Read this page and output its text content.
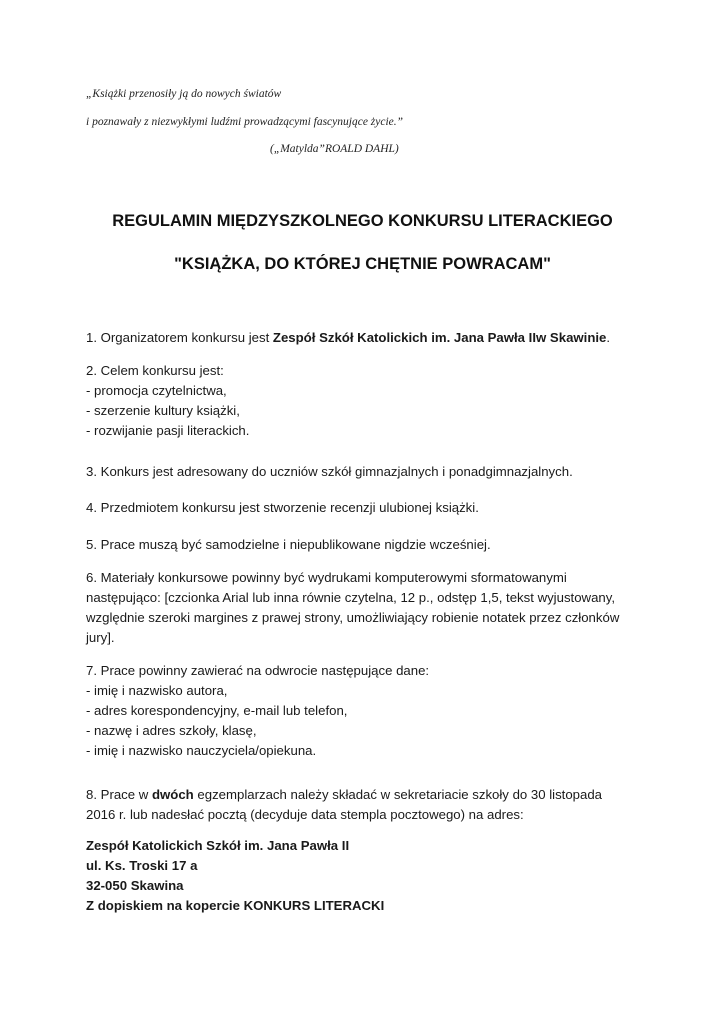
„Książki przenosiły ją do nowych światów
i poznawały z niezwykłymi ludźmi prowadzącymi fascynujące życie.”
(„Matylda”ROALD DAHL)
REGULAMIN MIĘDZYSZKOLNEGO KONKURSU LITERACKIEGO
"KSIĄŻKA, DO KTÓREJ CHĘTNIE POWRACAM"
1. Organizatorem konkursu jest Zespół Szkół Katolickich im. Jana Pawła IIw Skawinie.
2. Celem konkursu jest:
- promocja czytelnictwa,
- szerzenie kultury książki,
- rozwijanie pasji literackich.
3. Konkurs jest adresowany do uczniów szkół gimnazjalnych i ponadgimnazjalnych.
4. Przedmiotem konkursu jest stworzenie recenzji ulubionej książki.
5. Prace muszą być samodzielne i niepublikowane nigdzie wcześniej.
6. Materiały konkursowe powinny być wydrukami komputerowymi sformatowanymi
następująco: [czcionka Arial lub inna równie czytelna, 12 p., odstęp 1,5, tekst wyjustowany,
względnie szeroki margines z prawej strony, umożliwiający robienie notatek przez członków
jury].
7. Prace powinny zawierać na odwrocie następujące dane:
- imię i nazwisko autora,
- adres korespondencyjny, e-mail lub telefon,
- nazwę i adres szkoły, klasę,
- imię i nazwisko nauczyciela/opiekuna.
8. Prace w dwóch egzemplarzach należy składać w sekretariacie szkoły do 30 listopada
2016 r. lub nadesłać pocztą (decyduje data stempla pocztowego) na adres:
Zespół Katolickich Szkół im. Jana Pawła II
ul. Ks. Troski 17 a
32-050 Skawina
Z dopiskiem na kopercie KONKURS LITERACKI
